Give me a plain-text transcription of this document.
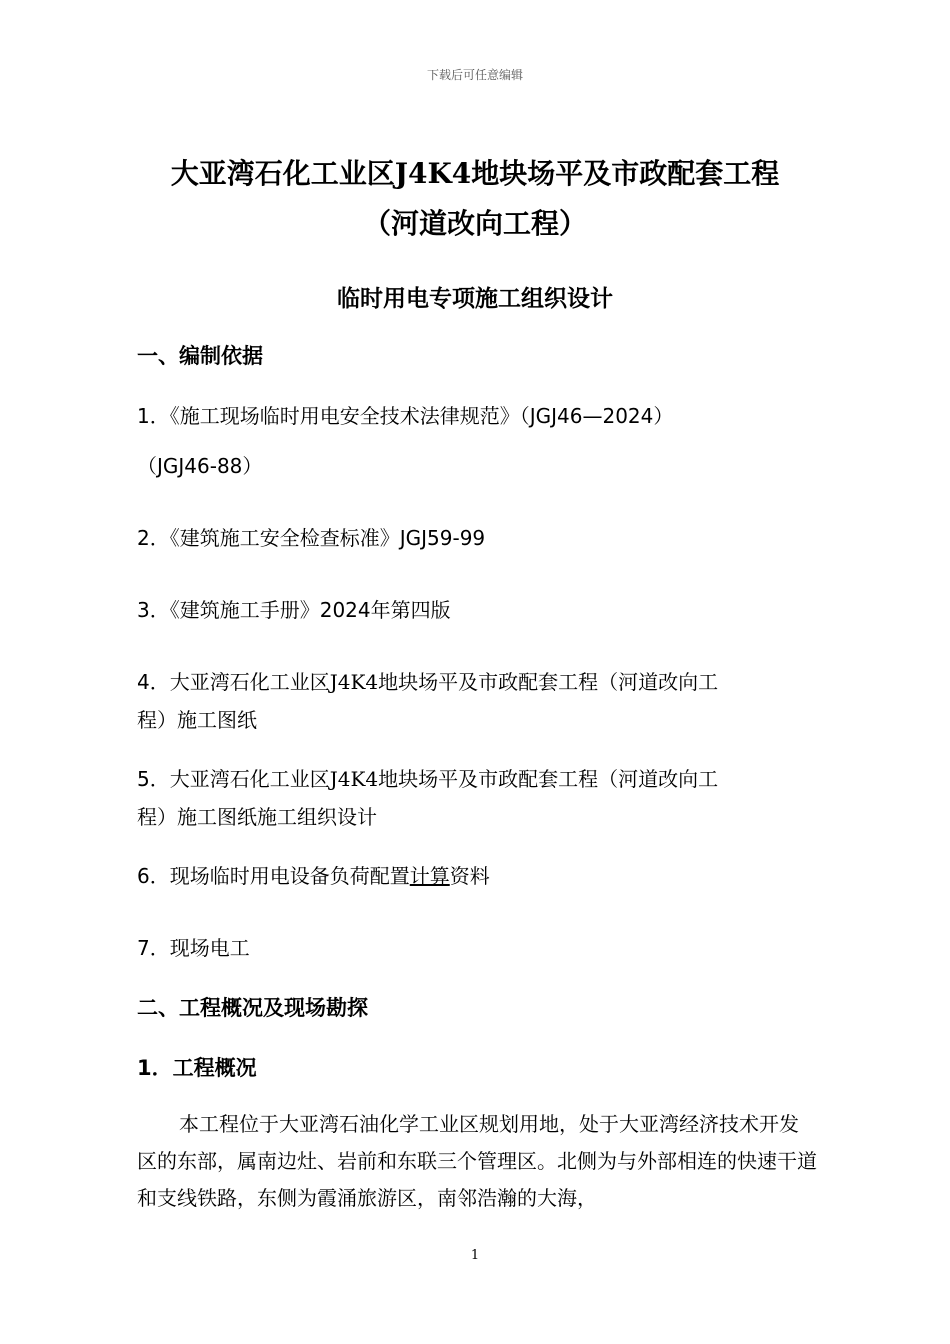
下载后可任意编辑
大亚湾石化工业区J4K4地块场平及市政配套工程
（河道改向工程）
临时用电专项施工组织设计
一、编制依据
1．《施工现场临时用电安全技术法律规范》（JGJ46—2024）
（JGJ46-88）
2．《建筑施工安全检查标准》JGJ59-99
3．《建筑施工手册》2024年第四版
4．大亚湾石化工业区J4K4地块场平及市政配套工程（河道改向工
程）施工图纸
5．大亚湾石化工业区J4K4地块场平及市政配套工程（河道改向工
程）施工图纸施工组织设计
6．现场临时用电设备负荷配置计算资料
7．现场电工
二、工程概况及现场勘探
1．工程概况
本工程位于大亚湾石油化学工业区规划用地，处于大亚湾经济技术开发区的东部，属南边灶、岩前和东联三个管理区。北侧为与外部相连的快速干道和支线铁路，东侧为霞涌旅游区，南邻浩瀚的大海，
1
